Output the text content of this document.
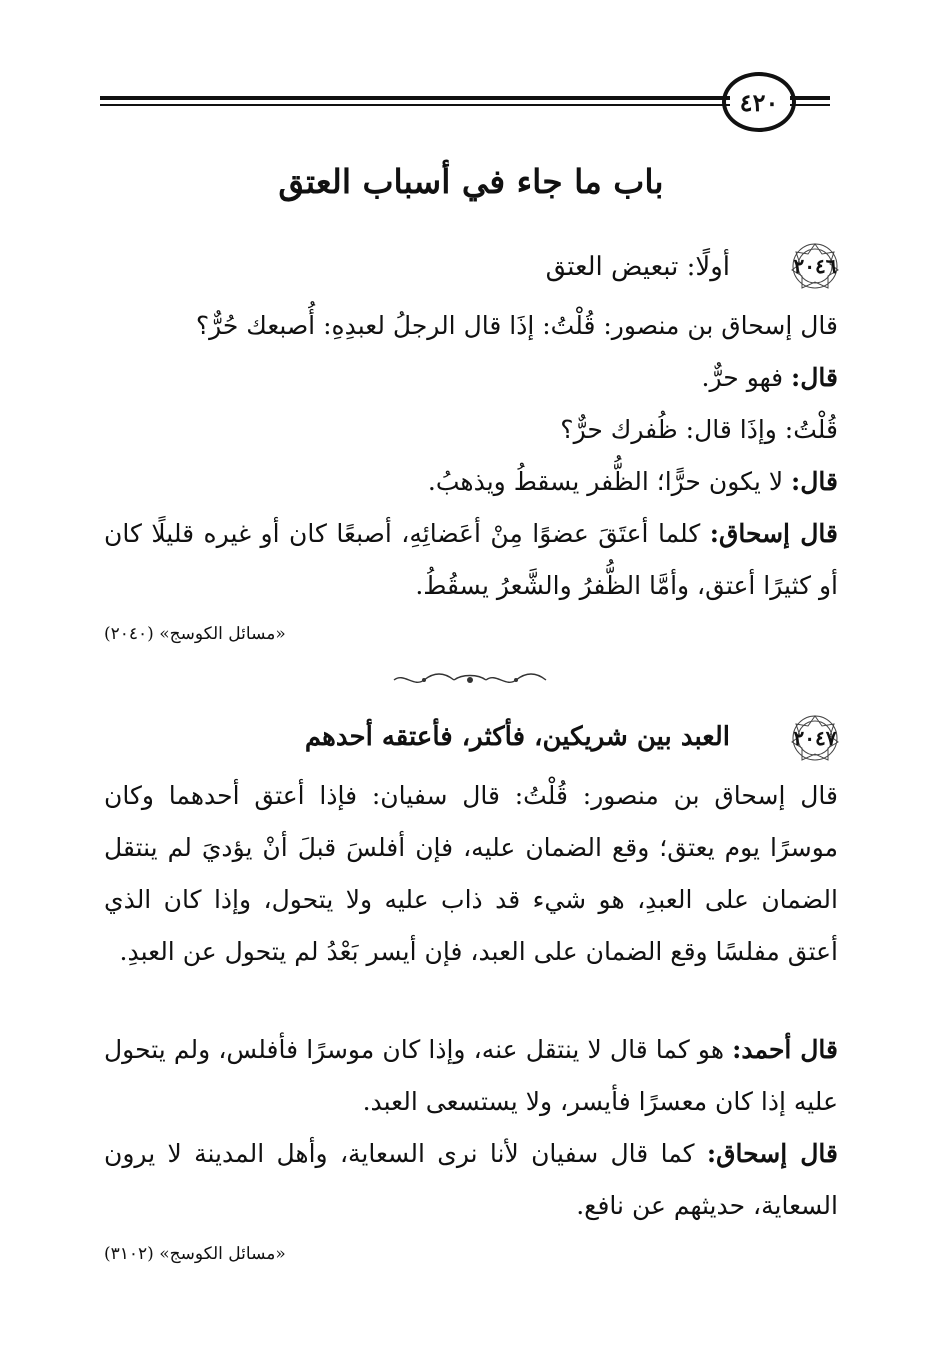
٤٢٠
باب ما جاء في أسباب العتق
٢٠٤٦
أولًا: تبعيض العتق
قال إسحاق بن منصور: قُلْتُ: إذَا قال الرجلُ لعبدِهِ: أُصبعك حُرٌّ؟
قال: فهو حرٌّ.
قُلْتُ: وإذَا قال: ظُفرك حرٌّ؟
قال: لا يكون حرًّا؛ الظُّفر يسقطُ ويذهبُ.
قال إسحاق: كلما أعتَقَ عضوًا مِنْ أعَضائِهِ، أصبعًا كان أو غيره قليلًا كان أو كثيرًا أعتق، وأمَّا الظُّفرُ والشَّعرُ يسقُطُ.
«مسائل الكوسج» (٢٠٤٠)
٢٠٤٧
العبد بين شريكين، فأكثر، فأعتقه أحدهم
قال إسحاق بن منصور: قُلْتُ: قال سفيان: فإذا أعتق أحدهما وكان موسرًا يوم يعتق؛ وقع الضمان عليه، فإن أفلسَ قبلَ أنْ يؤديَ لم ينتقل الضمان على العبدِ، هو شيء قد ذاب عليه ولا يتحول، وإذا كان الذي أعتق مفلسًا وقع الضمان على العبد، فإن أيسر بَعْدُ لم يتحول عن العبدِ.
قال أحمد: هو كما قال لا ينتقل عنه، وإذا كان موسرًا فأفلس، ولم يتحول عليه إذا كان معسرًا فأيسر، ولا يستسعى العبد.
قال إسحاق: كما قال سفيان لأنا نرى السعاية، وأهل المدينة لا يرون السعاية، حديثهم عن نافع.
«مسائل الكوسج» (٣١٠٢)
